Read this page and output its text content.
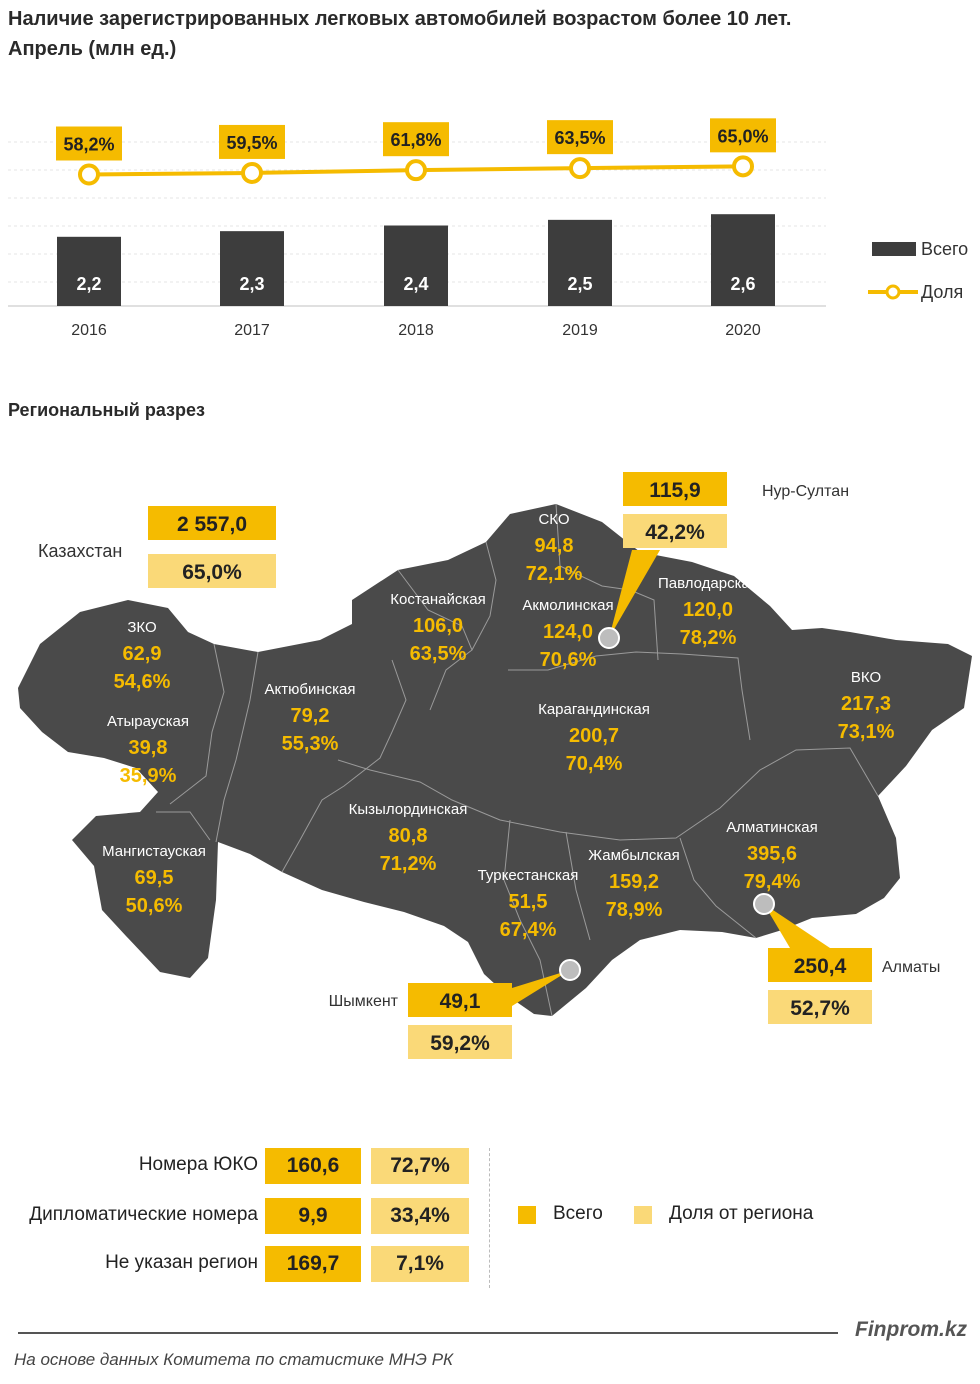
Наличие зарегистрированных легковых автомобилей возрастом более 10 лет.
Апрель (млн ед.)
2,2
2016
2,3
2017
2,4
2018
2,5
2019
2,6
2020
58,2%	59,5%	61,8%	63,5%	65,0%
Всего
Доля
Региональный разрез
СКО
94,8
72,1%
Костанайская
106,0
63,5%
Акмолинская
124,0
70,6%
Павлодарская
120,0
78,2%
ЗКО
62,9
54,6%
Атырауская
39,8
35,9%
Актюбинская
79,2
55,3%
Карагандинская
200,7
70,4%
ВКО
217,3
73,1%
Кызылординская
80,8
71,2%
Мангистауская
69,5
50,6%
Туркестанская
51,5
67,4%
Жамбылская
159,2
78,9%
Алматинская
395,6
79,4%
2 557,0
65,0%
Казахстан
115,9
42,2%
Нур-Султан
250,4
52,7%
Алматы
49,1
59,2%
Шымкент
Номера ЮКО	160,6	72,7%
Дипломатические номера	9,9	33,4%
Не указан регион	169,7	7,1%
Всего	Доля от региона
Finprom.kz
На основе данных Комитета по статистике МНЭ РК
